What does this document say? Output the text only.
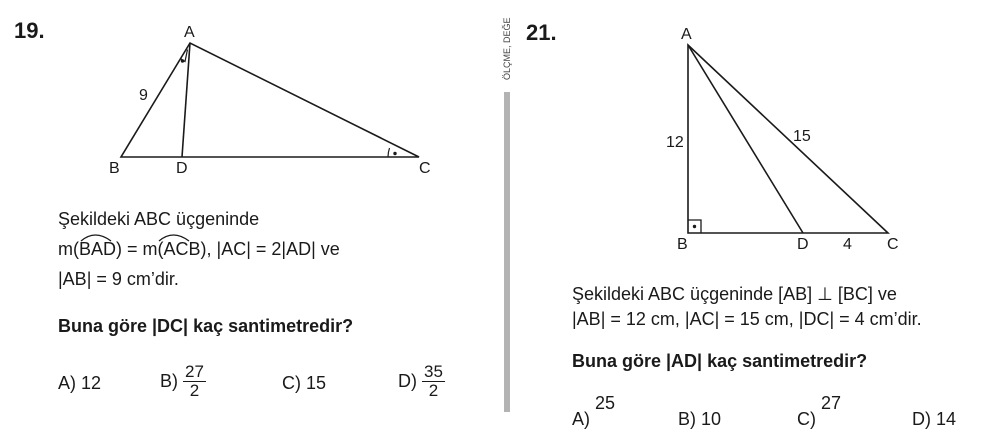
19.	A
B	D	C
9
Şekildeki ABC üçgeninde
m(BAD) = m(ACB), |AC| = 2|AD| ve
|AB| = 9 cm’dir.
Buna göre |DC| kaç santimetredir?
A) 12	$B) \frac{27}{2}$	C) 15	$D) \frac{35}{2}$
ÖLÇME, DEĞE 21.	A
B	D	C
12	15
4
Şekildeki ABC üçgeninde [AB] ⊥ [BC] ve
|AB| = 12 cm, |AC| = 15 cm, |DC| = 4 cm’dir.
Buna göre |AD| kaç santimetredir?
A) 25
B) 10	C) 27
D) 14
